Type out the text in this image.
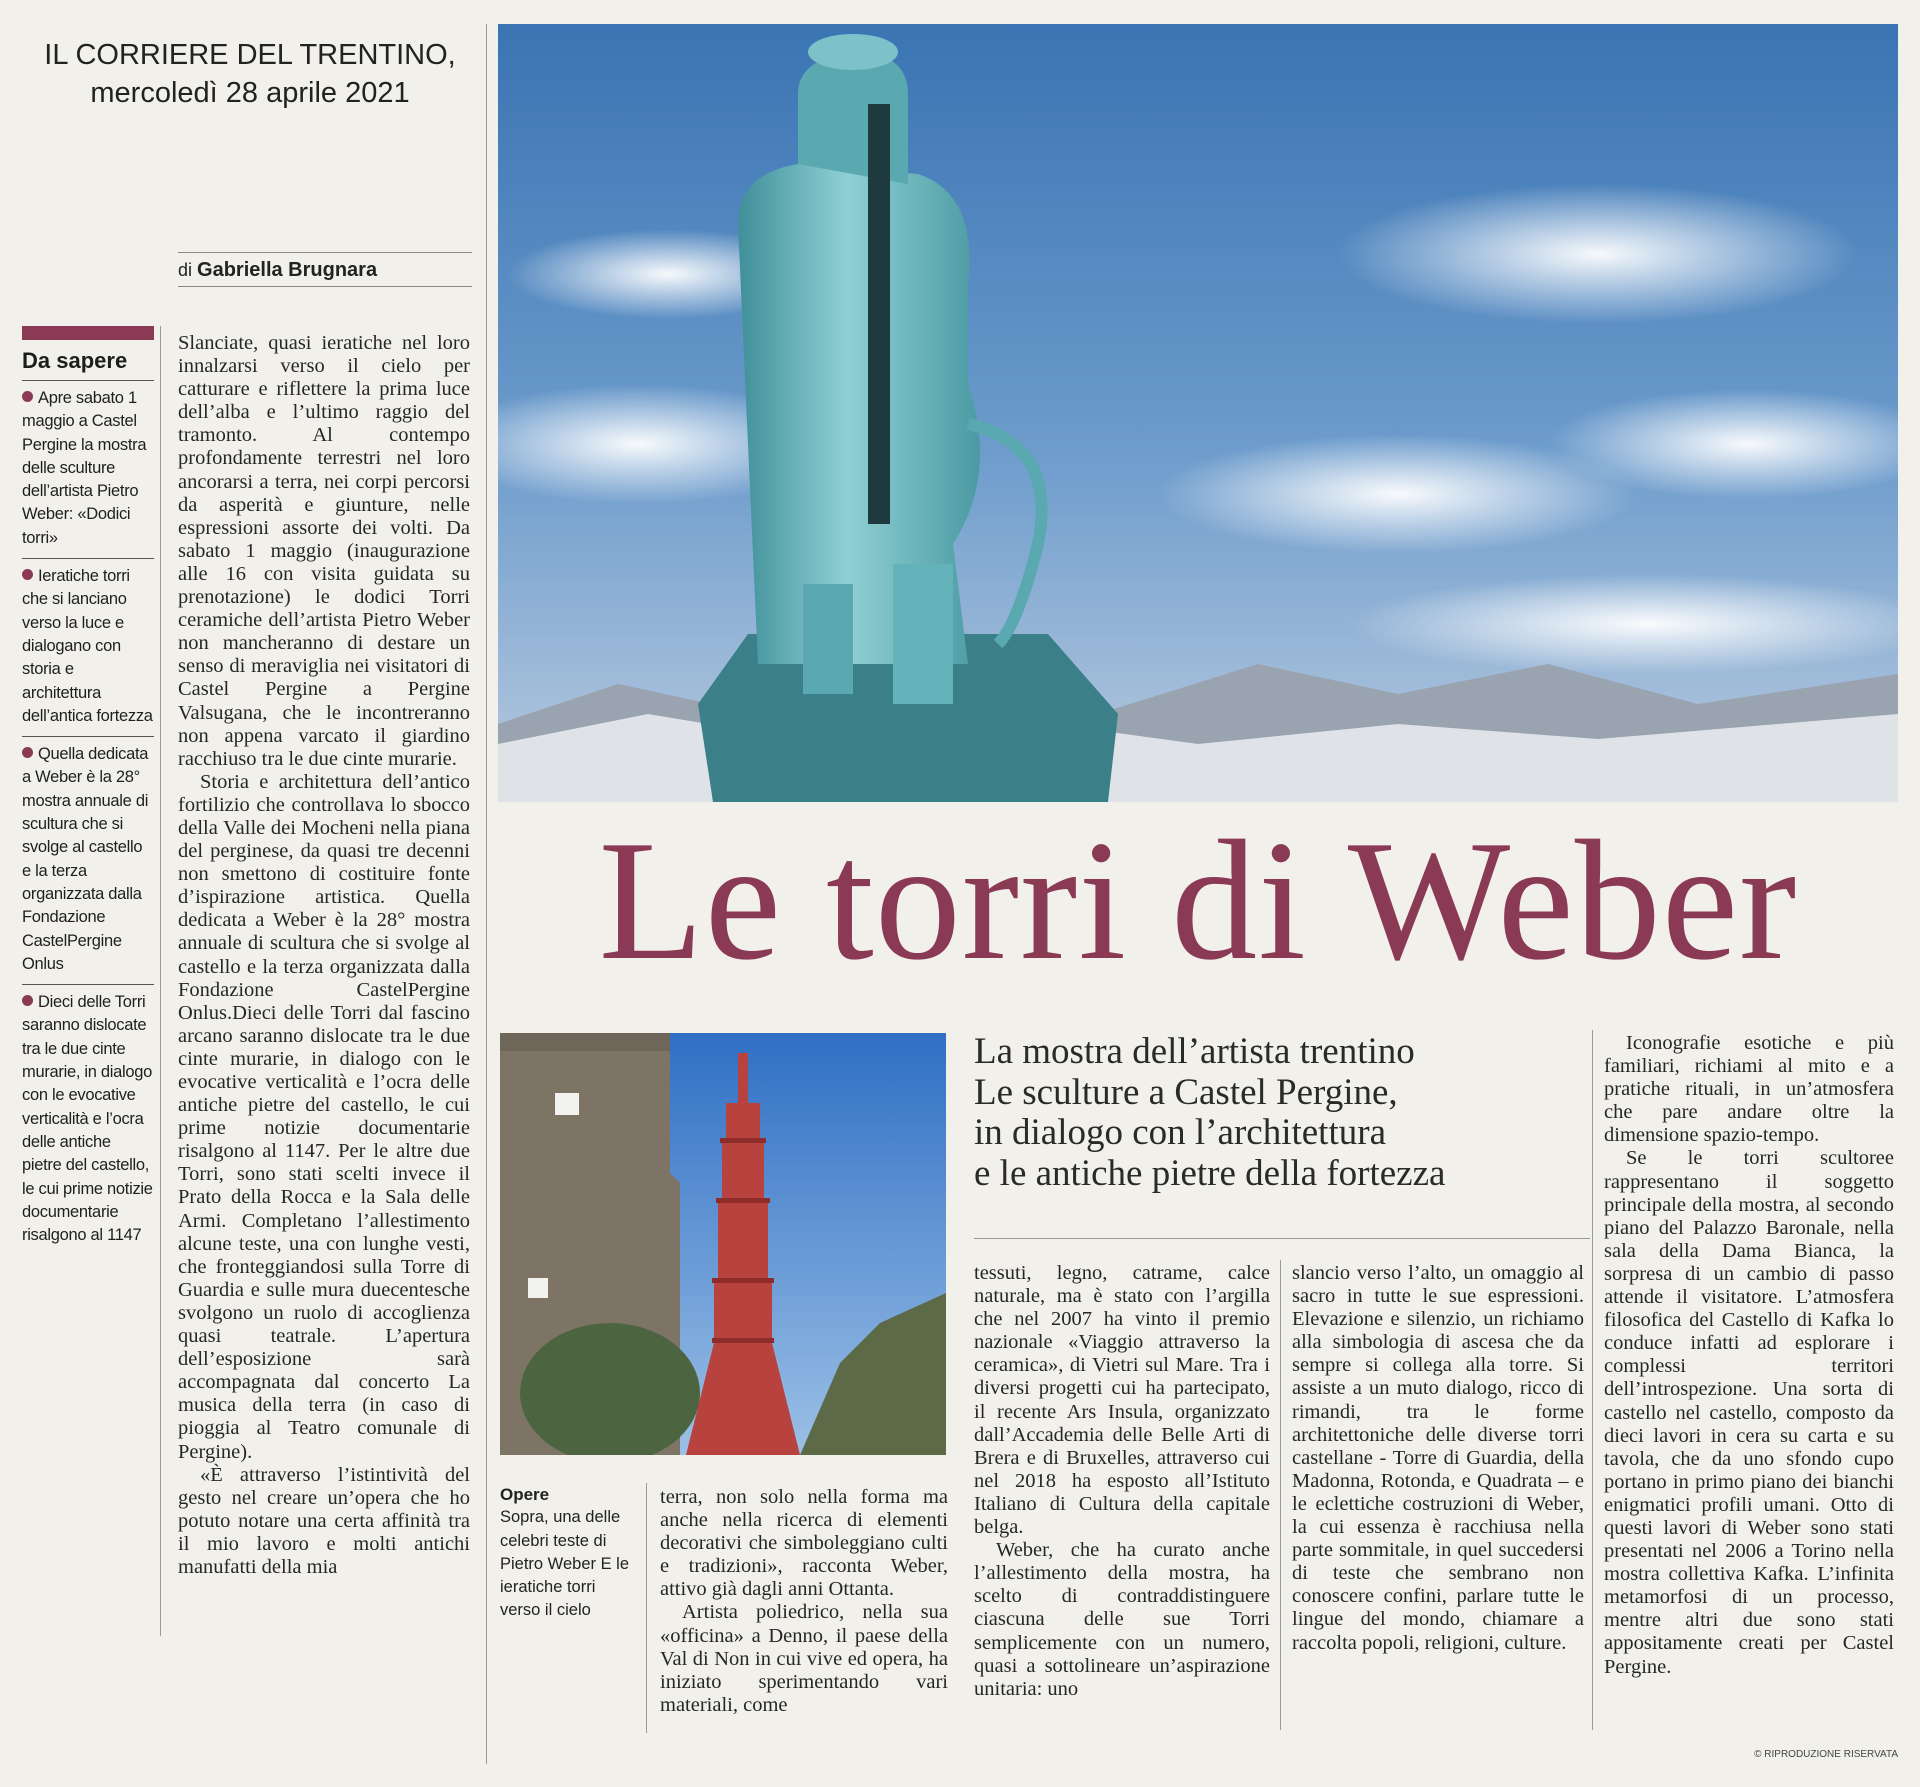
IL CORRIERE DEL TRENTINO,
mercoledì 28 aprile 2021
di Gabriella Brugnara
Da sapere
Apre sabato 1 maggio a Castel Pergine la mostra delle sculture dell’artista Pietro Weber: «Dodici torri»
Ieratiche torri che si lanciano verso la luce e dialogano con storia e architettura dell’antica fortezza
Quella dedicata a Weber è la 28° mostra annuale di scultura che si svolge al castello e la terza organizzata dalla Fondazione CastelPergine Onlus
Dieci delle Torri saranno dislocate tra le due cinte murarie, in dialogo con le evocative verticalità e l’ocra delle antiche pietre del castello, le cui prime notizie documentarie risalgono al 1147

Slanciate, quasi ieratiche nel loro innalzarsi verso il cielo per catturare e riflettere la prima luce dell’alba e l’ultimo raggio del tramonto. Al contempo profondamente terrestri nel loro ancorarsi a terra, nei corpi percorsi da asperità e giunture, nelle espressioni assorte dei volti. Da sabato 1 maggio (inaugurazione alle 16 con visita guidata su prenotazione) le dodici Torri ceramiche dell’artista Pietro Weber non mancheranno di destare un senso di meraviglia nei visitatori di Castel Pergine a Pergine Valsugana, che le incontreranno non appena varcato il giardino racchiuso tra le due cinte murarie.

Storia e architettura dell’antico fortilizio che controllava lo sbocco della Valle dei Mocheni nella piana del perginese, da quasi tre decenni non smettono di costituire fonte d’ispirazione artistica. Quella dedicata a Weber è la 28° mostra annuale di scultura che si svolge al castello e la terza organizzata dalla Fondazione CastelPergine Onlus.Dieci delle Torri dal fascino arcano saranno dislocate tra le due cinte murarie, in dialogo con le evocative verticalità e l’ocra delle antiche pietre del castello, le cui prime notizie documentarie risalgono al 1147. Per le altre due Torri, sono stati scelti invece il Prato della Rocca e la Sala delle Armi. Completano l’allestimento alcune teste, una con lunghe vesti, che fronteggiandosi sulla Torre di Guardia e sulle mura duecentesche svolgono un ruolo di accoglienza quasi teatrale. L’apertura dell’esposizione sarà accompagnata dal concerto La musica della terra (in caso di pioggia al Teatro comunale di Pergine).

«È attraverso l’istintività del gesto nel creare un’opera che ho potuto notare una certa affinità tra il mio lavoro e molti antichi manufatti della mia

Le torri di Weber
Opere
Sopra, una delle celebri teste di Pietro Weber E le ieratiche torri verso il cielo

terra, non solo nella forma ma anche nella ricerca di elementi decorativi che simboleggiano culti e tradizioni», racconta Weber, attivo già dagli anni Ottanta.

Artista poliedrico, nella sua «officina» a Denno, il paese della Val di Non in cui vive ed opera, ha iniziato sperimentando vari materiali, come

La mostra dell’artista trentino
Le sculture a Castel Pergine,
in dialogo con l’architettura
e le antiche pietre della fortezza

tessuti, legno, catrame, calce naturale, ma è stato con l’argilla che nel 2007 ha vinto il premio nazionale «Viaggio attraverso la ceramica», di Vietri sul Mare. Tra i diversi progetti cui ha partecipato, il recente Ars Insula, organizzato dall’Accademia delle Belle Arti di Brera e di Bruxelles, attraverso cui nel 2018 ha esposto all’Istituto Italiano di Cultura della capitale belga.

Weber, che ha curato anche l’allestimento della mostra, ha scelto di contraddistinguere ciascuna delle sue Torri semplicemente con un numero, quasi a sottolineare un’aspirazione unitaria: uno

slancio verso l’alto, un omaggio al sacro in tutte le sue espressioni. Elevazione e silenzio, un richiamo alla simbologia di ascesa che da sempre si collega alla torre. Si assiste a un muto dialogo, ricco di rimandi, tra le forme architettoniche delle diverse torri castellane - Torre di Guardia, della Madonna, Rotonda, e Quadrata – e le eclettiche costruzioni di Weber, la cui essenza è racchiusa nella parte sommitale, in quel succedersi di teste che sembrano non conoscere confini, parlare tutte le lingue del mondo, chiamare a raccolta popoli, religioni, culture.

Iconografie esotiche e più familiari, richiami al mito e a pratiche rituali, in un’atmosfera che pare andare oltre la dimensione spazio-tempo.

Se le torri scultoree rappresentano il soggetto principale della mostra, al secondo piano del Palazzo Baronale, nella sala della Dama Bianca, la sorpresa di un cambio di passo attende il visitatore. L’atmosfera filosofica del Castello di Kafka lo conduce infatti ad esplorare i complessi territori dell’introspezione. Una sorta di castello nel castello, composto da dieci lavori in cera su carta e su tavola, che da uno sfondo cupo portano in primo piano dei bianchi enigmatici profili umani. Otto di questi lavori di Weber sono stati presentati nel 2006 a Torino nella mostra collettiva Kafka. L’infinita metamorfosi di un processo, mentre altri due sono stati appositamente creati per Castel Pergine.

© RIPRODUZIONE RISERVATA
